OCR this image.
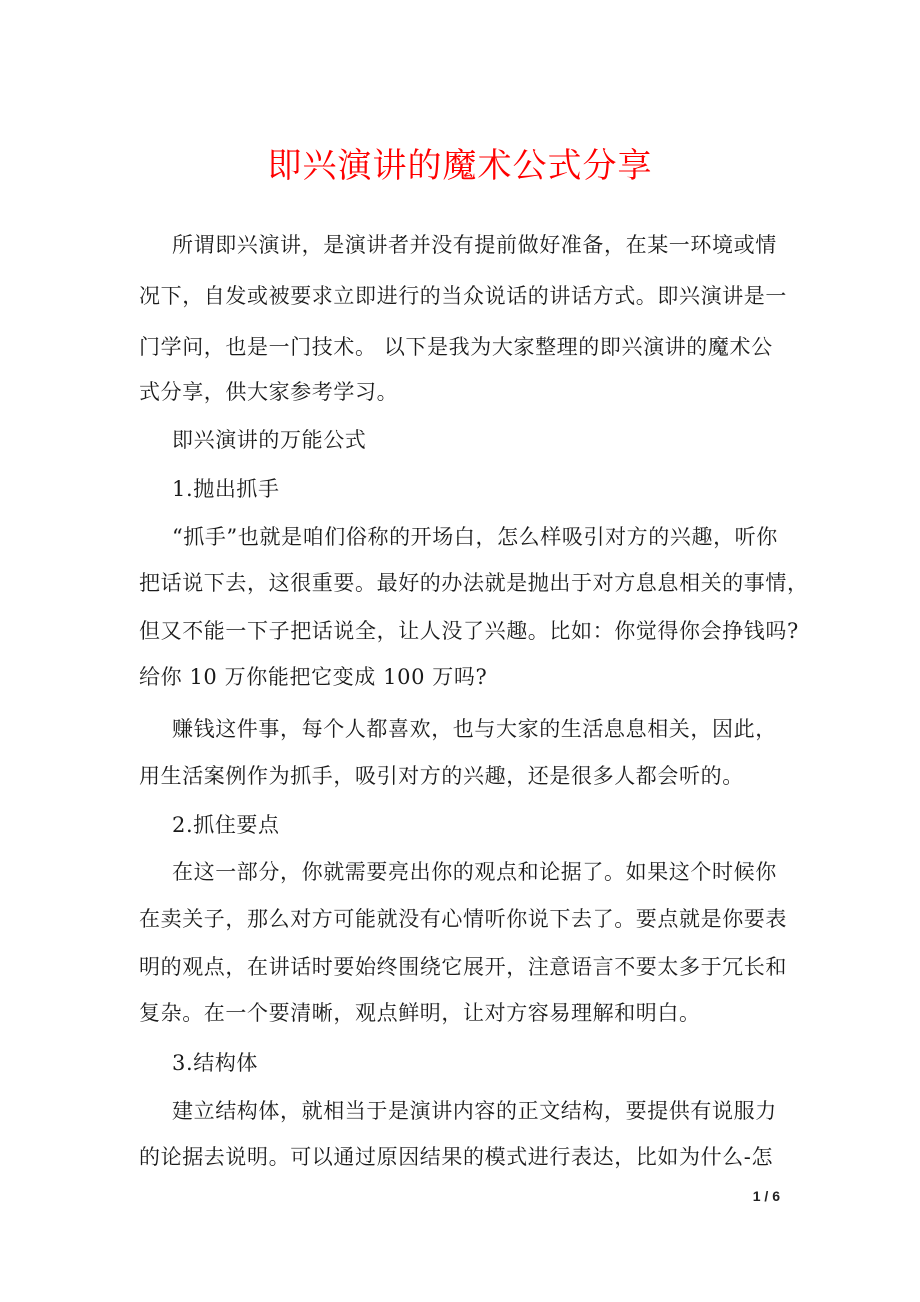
即兴演讲的魔术公式分享
所谓即兴演讲，是演讲者并没有提前做好准备，在某一环境或情
况下，自发或被要求立即进行的当众说话的讲话方式。即兴演讲是一
门学问，也是一门技术。 以下是我为大家整理的即兴演讲的魔术公
式分享，供大家参考学习。
即兴演讲的万能公式
1.抛出抓手
“抓手”也就是咱们俗称的开场白，怎么样吸引对方的兴趣，听你
把话说下去，这很重要。最好的办法就是抛出于对方息息相关的事情，
但又不能一下子把话说全，让人没了兴趣。比如：你觉得你会挣钱吗?
给你 10 万你能把它变成 100 万吗?
赚钱这件事，每个人都喜欢，也与大家的生活息息相关，因此，
用生活案例作为抓手，吸引对方的兴趣，还是很多人都会听的。
2.抓住要点
在这一部分，你就需要亮出你的观点和论据了。如果这个时候你
在卖关子，那么对方可能就没有心情听你说下去了。要点就是你要表
明的观点，在讲话时要始终围绕它展开，注意语言不要太多于冗长和
复杂。在一个要清晰，观点鲜明，让对方容易理解和明白。
3.结构体
建立结构体，就相当于是演讲内容的正文结构，要提供有说服力
的论据去说明。可以通过原因结果的模式进行表达，比如为什么-怎
1 / 6
